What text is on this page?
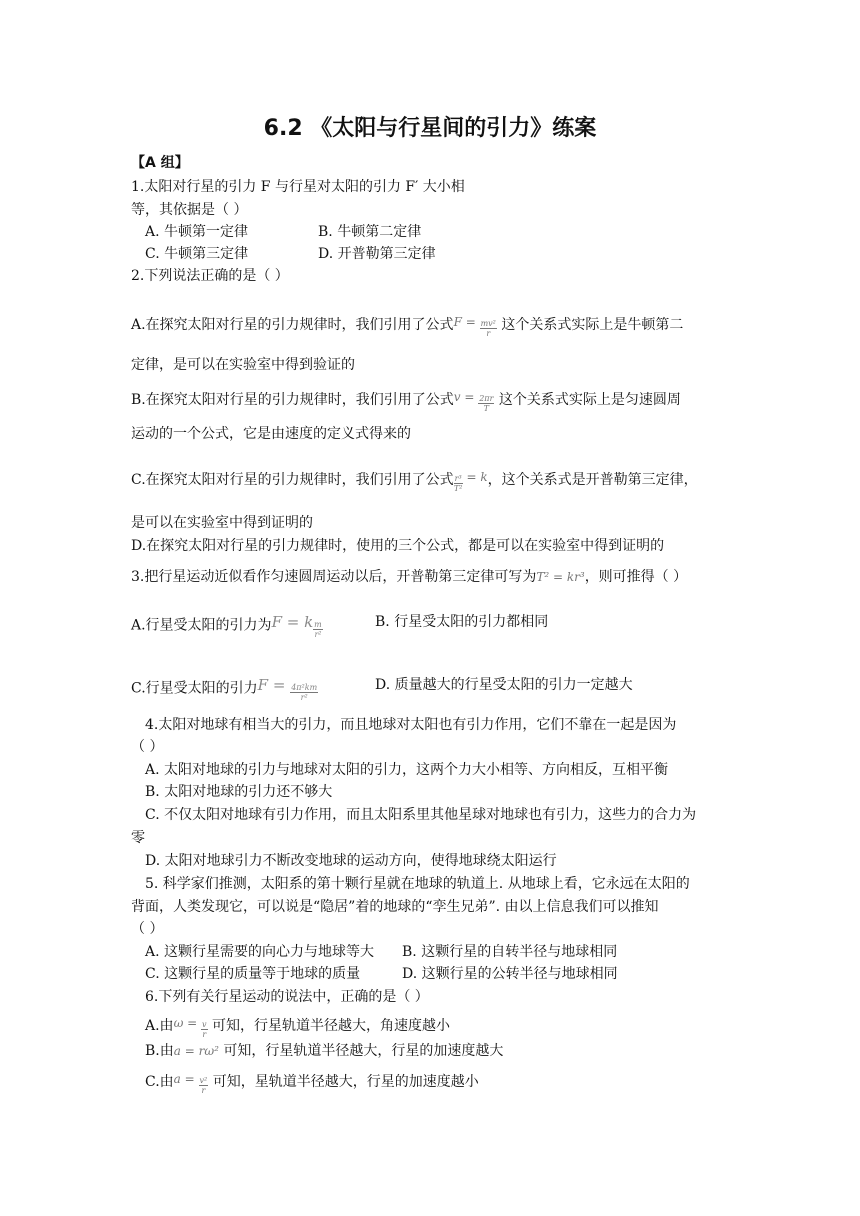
6.2 《太阳与行星间的引力》练案
【A 组】
1.太阳对行星的引力 F 与行星对太阳的引力 F′ 大小相
等，其依据是（ ）
A. 牛顿第一定律	B. 牛顿第二定律
C. 牛顿第三定律	D. 开普勒第三定律
2.下列说法正确的是（ ）
A.在探究太阳对行星的引力规律时，我们引用了公式$F = \frac{\text{mv²}}{r}$ 这个关系式实际上是牛顿第二
定律，是可以在实验室中得到验证的
B.在探究太阳对行星的引力规律时，我们引用了公式$v = \frac{2\pi r}{T}$ 这个关系式实际上是匀速圆周
运动的一个公式，它是由速度的定义式得来的
C.在探究太阳对行星的引力规律时，我们引用了公式 $\frac{\text{r³}}{\text{T²}} = k$，这个关系式是开普勒第三定律，
是可以在实验室中得到证明的
D.在探究太阳对行星的引力规律时，使用的三个公式，都是可以在实验室中得到证明的
3.把行星运动近似看作匀速圆周运动以后，开普勒第三定律可写为T² = kr³，则可推得（ ）
A.行星受太阳的引力为F = k $\frac{m}{\text{r²}}$	B. 行星受太阳的引力都相同
C.行星受太阳的引力$F = \frac{\text{4π²km}}{\text{r²}}$	D. 质量越大的行星受太阳的引力一定越大
4.太阳对地球有相当大的引力，而且地球对太阳也有引力作用，它们不靠在一起是因为
（ ）
A. 太阳对地球的引力与地球对太阳的引力，这两个力大小相等、方向相反，互相平衡
B. 太阳对地球的引力还不够大
C. 不仅太阳对地球有引力作用，而且太阳系里其他星球对地球也有引力，这些力的合力为
零
D. 太阳对地球引力不断改变地球的运动方向，使得地球绕太阳运行
5. 科学家们推测，太阳系的第十颗行星就在地球的轨道上. 从地球上看，它永远在太阳的
背面，人类发现它，可以说是“隐居”着的地球的“孪生兄弟”. 由以上信息我们可以推知
（ ）
A. 这颗行星需要的向心力与地球等大 B. 这颗行星的自转半径与地球相同
C. 这颗行星的质量等于地球的质量	D. 这颗行星的公转半径与地球相同
6.下列有关行星运动的说法中，正确的是（ ）
A.由$\omega = \frac{v}{r}$ 可知，行星轨道半径越大，角速度越小
B.由a = rω² 可知，行星轨道半径越大，行星的加速度越大
C.由$a = \frac{\text{v²}}{r}$ 可知，星轨道半径越大，行星的加速度越小
